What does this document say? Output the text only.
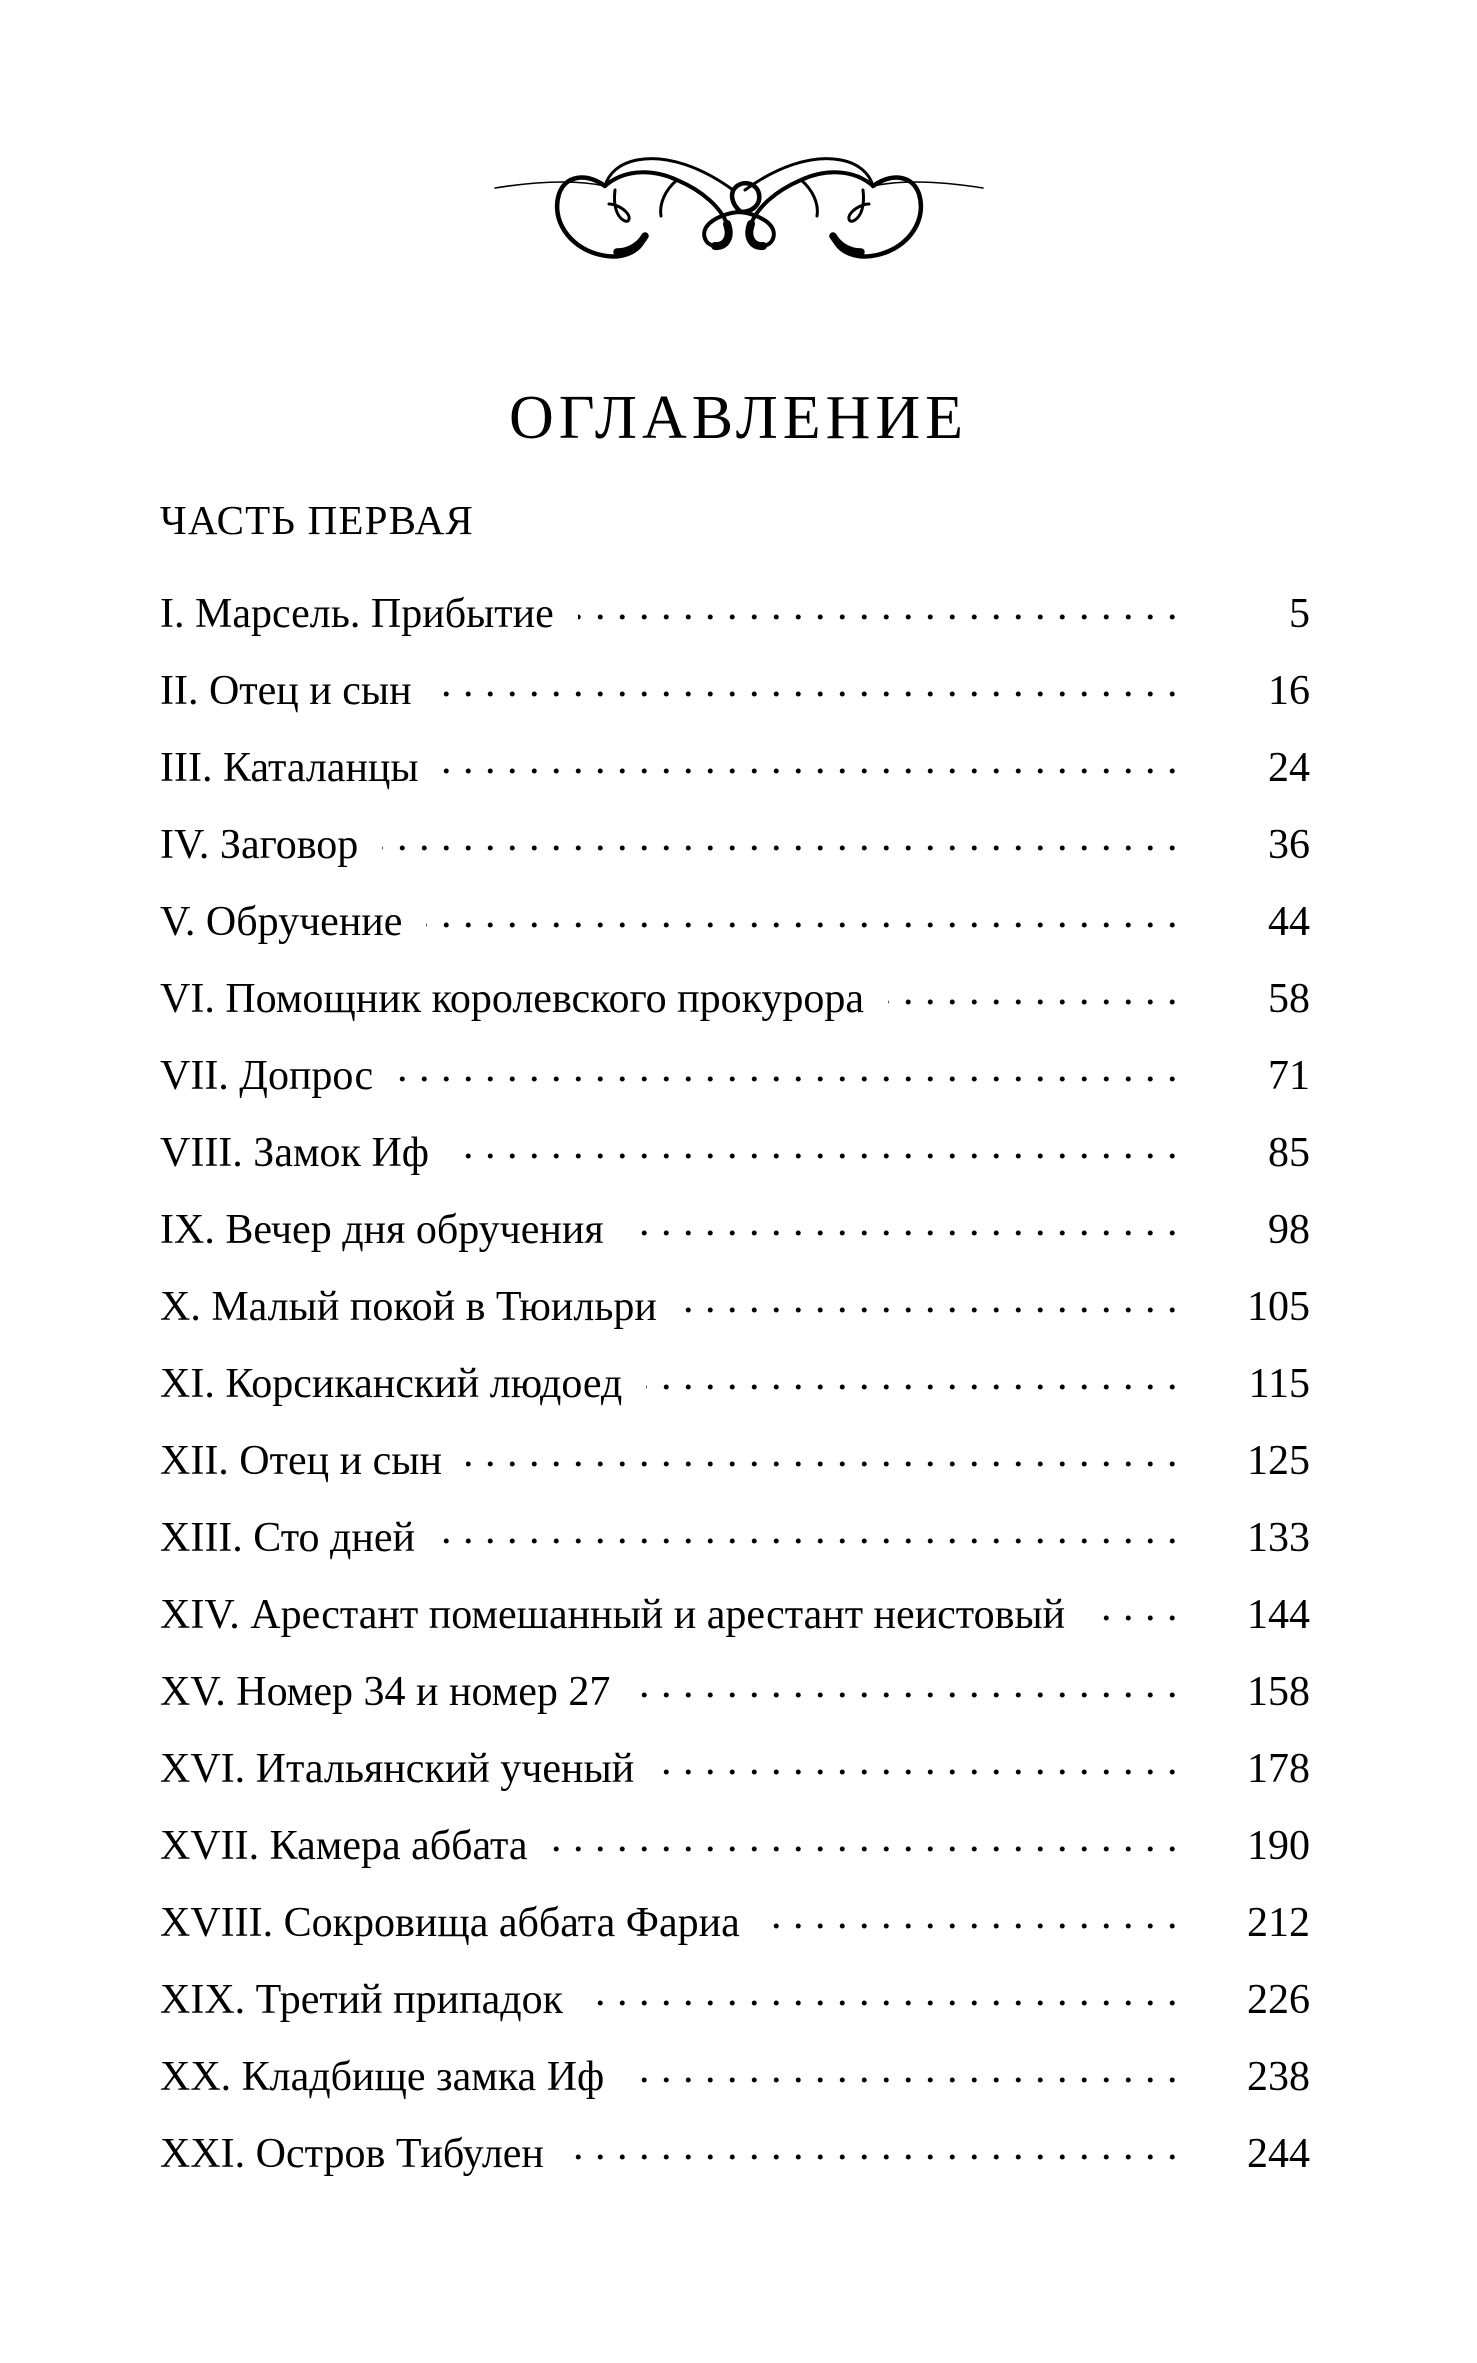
ОГЛАВЛЕНИЕ
ЧАСТЬ ПЕРВАЯ
I. Марсель. Прибытие . . .	5
II. Отец и сын . . .	16
III. Каталанцы . . .	24
IV. Заговор . . .	36
V. Обручение . . .	44
VI. Помощник королевского прокурора . . .	58
VII. Допрос . . .	71
VIII. Замок Иф . . .	85
IX. Вечер дня обручения . . .	98
X. Малый покой в Тюильри . . .	105
XI. Корсиканский людоед . . .	115
XII. Отец и сын . . .	125
XIII. Сто дней . . .	133
XIV. Арестант помешанный и арестант неистовый . . .	144
XV. Номер 34 и номер 27 . . .	158
XVI. Итальянский ученый . . .	178
XVII. Камера аббата . . .	190
XVIII. Сокровища аббата Фариа . . .	212
XIX. Третий припадок . . .	226
XX. Кладбище замка Иф . . .	238
XXI. Остров Тибулен . . .	244
